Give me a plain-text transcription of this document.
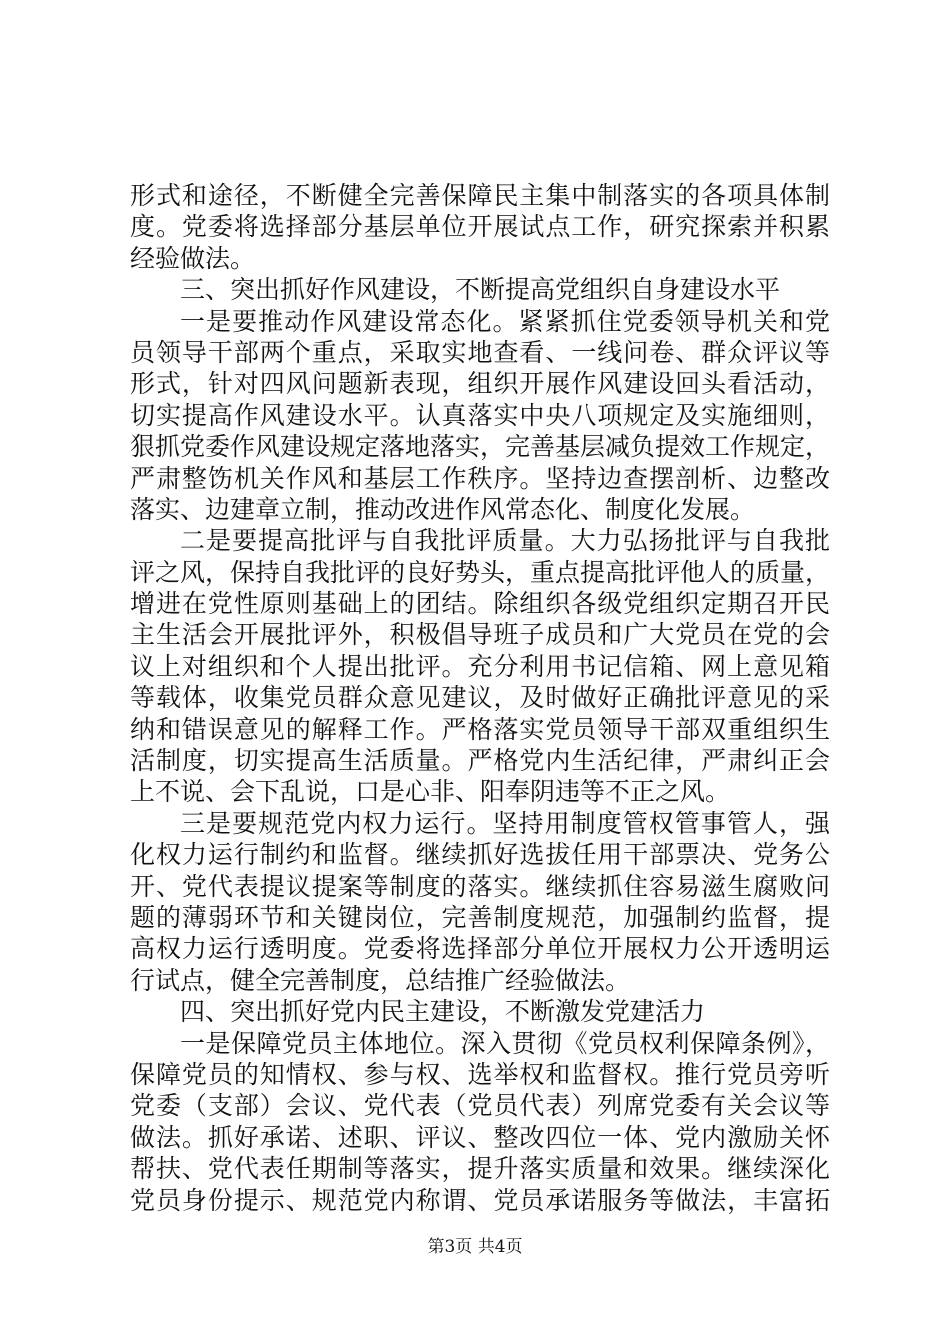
形式和途径，不断健全完善保障民主集中制落实的各项具体制
度。党委将选择部分基层单位开展试点工作，研究探索并积累
经验做法。
三、突出抓好作风建设，不断提高党组织自身建设水平
一是要推动作风建设常态化。紧紧抓住党委领导机关和党
员领导干部两个重点，采取实地查看、一线问卷、群众评议等
形式，针对四风问题新表现，组织开展作风建设回头看活动，
切实提高作风建设水平。认真落实中央八项规定及实施细则，
狠抓党委作风建设规定落地落实，完善基层减负提效工作规定，
严肃整饬机关作风和基层工作秩序。坚持边查摆剖析、边整改
落实、边建章立制，推动改进作风常态化、制度化发展。
二是要提高批评与自我批评质量。大力弘扬批评与自我批
评之风，保持自我批评的良好势头，重点提高批评他人的质量，
增进在党性原则基础上的团结。除组织各级党组织定期召开民
主生活会开展批评外，积极倡导班子成员和广大党员在党的会
议上对组织和个人提出批评。充分利用书记信箱、网上意见箱
等载体，收集党员群众意见建议，及时做好正确批评意见的采
纳和错误意见的解释工作。严格落实党员领导干部双重组织生
活制度，切实提高生活质量。严格党内生活纪律，严肃纠正会
上不说、会下乱说，口是心非、阳奉阴违等不正之风。
三是要规范党内权力运行。坚持用制度管权管事管人，强
化权力运行制约和监督。继续抓好选拔任用干部票决、党务公
开、党代表提议提案等制度的落实。继续抓住容易滋生腐败问
题的薄弱环节和关键岗位，完善制度规范，加强制约监督，提
高权力运行透明度。党委将选择部分单位开展权力公开透明运
行试点，健全完善制度，总结推广经验做法。
四、突出抓好党内民主建设，不断激发党建活力
一是保障党员主体地位。深入贯彻《党员权利保障条例》，
保障党员的知情权、参与权、选举权和监督权。推行党员旁听
党委（支部）会议、党代表（党员代表）列席党委有关会议等
做法。抓好承诺、述职、评议、整改四位一体、党内激励关怀
帮扶、党代表任期制等落实，提升落实质量和效果。继续深化
党员身份提示、规范党内称谓、党员承诺服务等做法，丰富拓
第3页 共4页
